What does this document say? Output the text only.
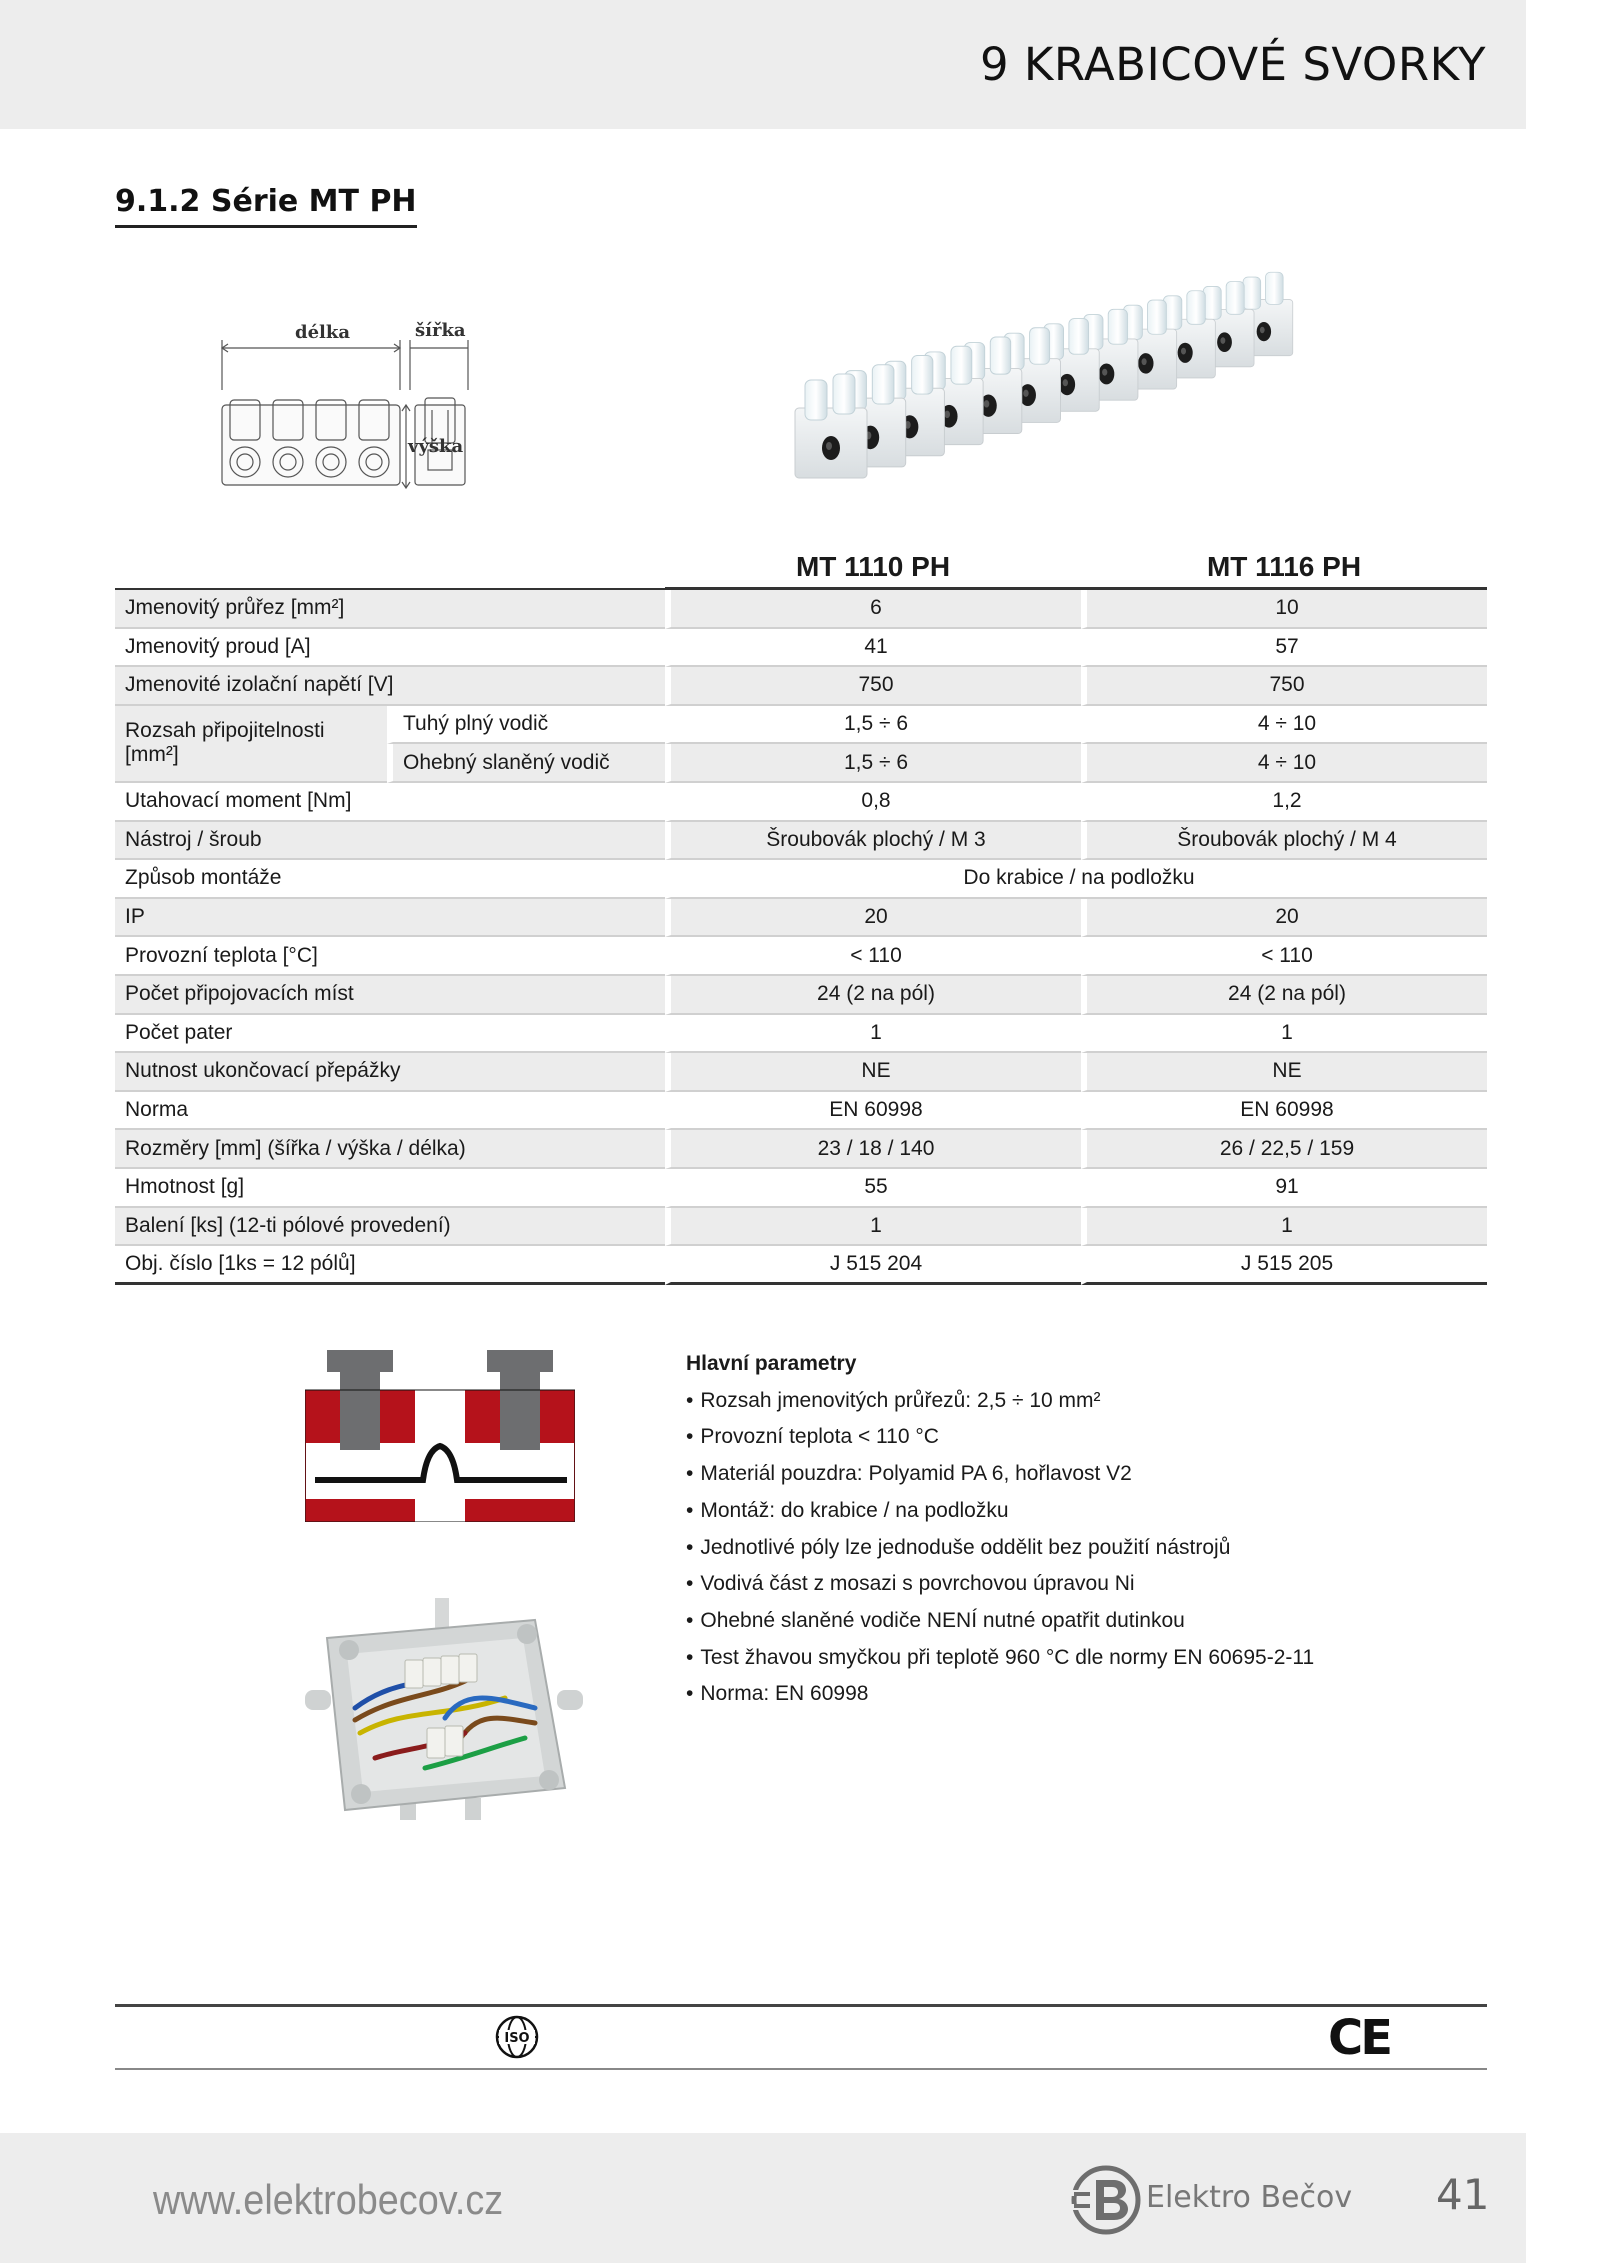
9 KRABICOVÉ SVORKY
9.1.2 Série MT PH
délka	šířka
výška
		MT 1110 PH	MT 1116 PH
Jmenovitý průřez [mm²]		6	10
Jmenovitý proud [A]		41	57
Jmenovité izolační napětí [V]		750	750
Rozsah připojitelnosti [mm²]	Tuhý plný vodič	1,5 ÷ 6	4 ÷ 10
	Ohebný slaněný vodič	1,5 ÷ 6	4 ÷ 10
Utahovací moment [Nm]		0,8	1,2
Nástroj / šroub		Šroubovák plochý / M 3	Šroubovák plochý / M 4
Způsob montáže		Do krabice / na podložku	
IP		20	20
Provozní teplota [°C]		< 110	< 110
Počet připojovacích míst		24 (2 na pól)	24 (2 na pól)
Počet pater		1	1
Nutnost ukončovací přepážky		NE	NE
Norma		EN 60998	EN 60998
Rozměry [mm] (šířka / výška / délka)		23 / 18 / 140	26 / 22,5 / 159
Hmotnost [g]		55	91
Balení [ks] (12-ti pólové provedení)		1	1
Obj. číslo [1ks = 12 pólů]		J 515 204	J 515 205
Hlavní parametry
• Rozsah jmenovitých průřezů: 2,5 ÷ 10 mm²
• Provozní teplota < 110 °C
• Materiál pouzdra: Polyamid PA 6, hořlavost V2
• Montáž: do krabice / na podložku
• Jednotlivé póly lze jednoduše oddělit bez použití nástrojů
• Vodivá část z mosazi s povrchovou úpravou Ni
• Ohebné slaněné vodiče NENÍ nutné opatřit dutinkou
• Test žhavou smyčkou při teplotě 960 °C dle normy EN 60695-2-11
• Norma: EN 60998
ISO	CE
www.elektrobecov.cz	Elektro Bečov 41
